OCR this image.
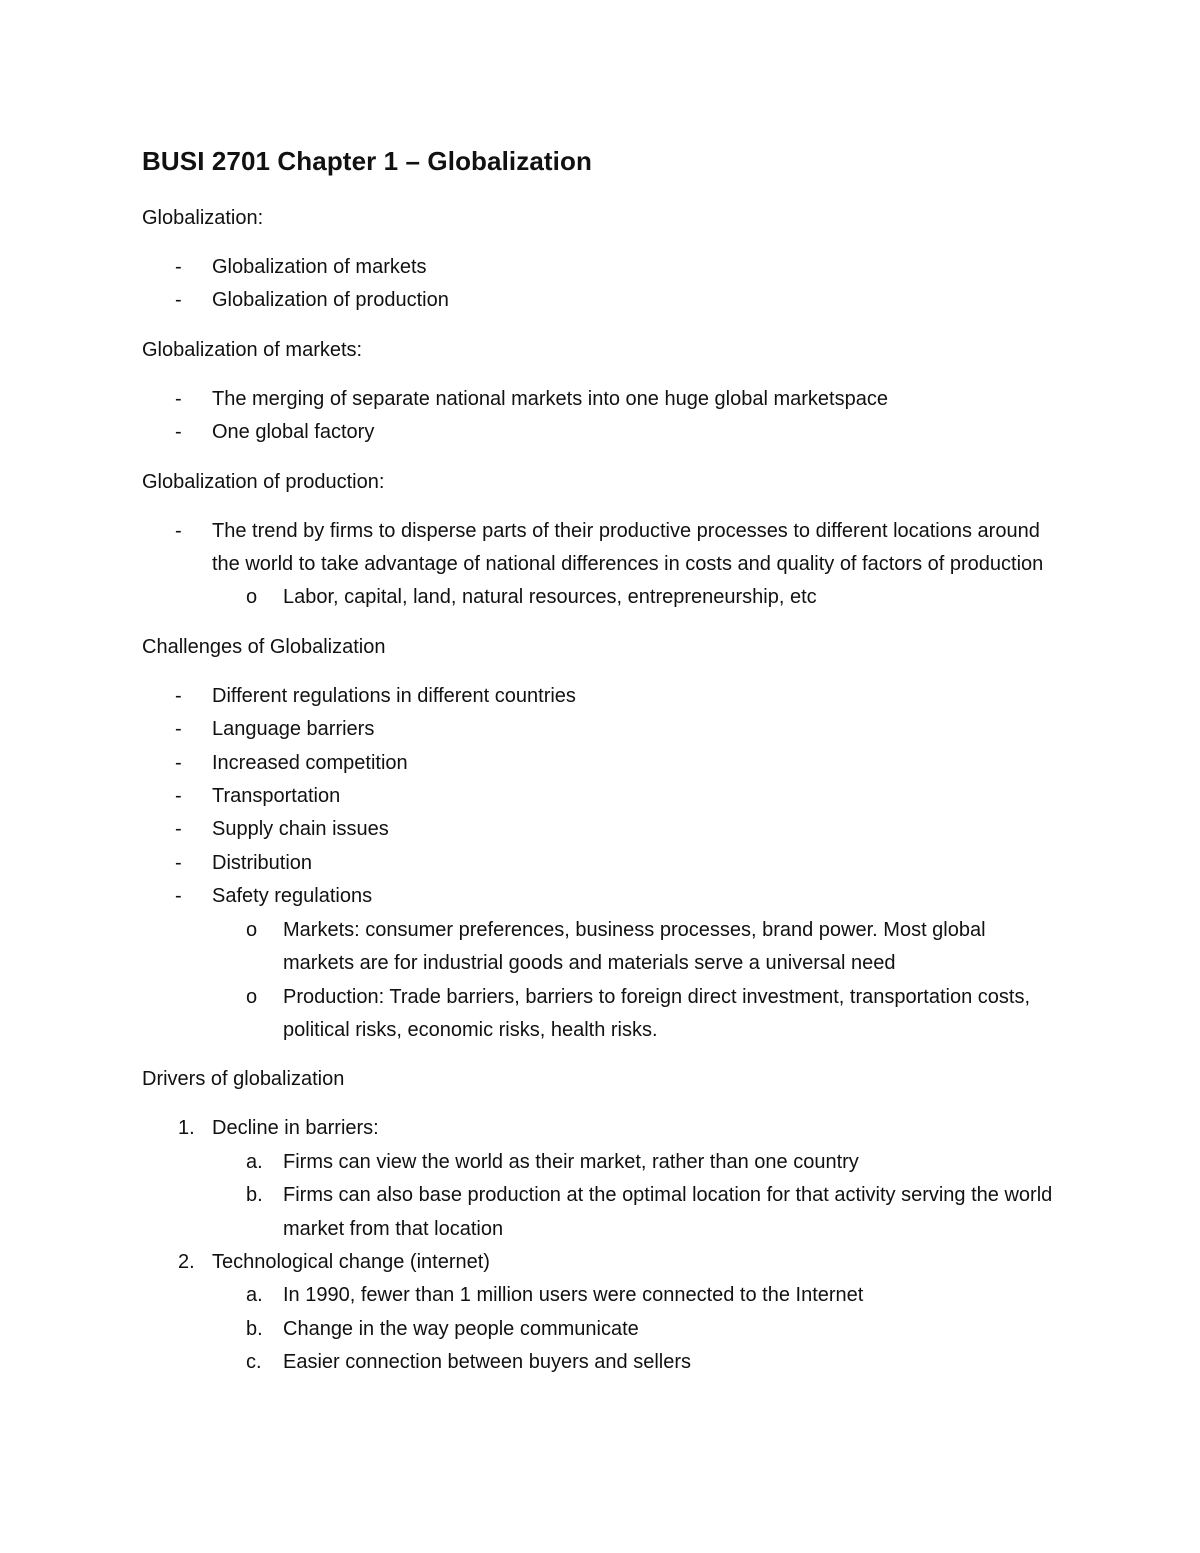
BUSI 2701 Chapter 1 – Globalization

Globalization:

- Globalization of markets
- Globalization of production

Globalization of markets:

- The merging of separate national markets into one huge global marketspace
- One global factory

Globalization of production:

- The trend by firms to disperse parts of their productive processes to different locations around the world to take advantage of national differences in costs and quality of factors of production
o Labor, capital, land, natural resources, entrepreneurship, etc

Challenges of Globalization

- Different regulations in different countries
- Language barriers
- Increased competition
- Transportation
- Supply chain issues
- Distribution
- Safety regulations
o Markets: consumer preferences, business processes, brand power. Most global markets are for industrial goods and materials serve a universal need
o Production: Trade barriers, barriers to foreign direct investment, transportation costs, political risks, economic risks, health risks.

Drivers of globalization

1. Decline in barriers:
a. Firms can view the world as their market, rather than one country
b. Firms can also base production at the optimal location for that activity serving the world market from that location
2. Technological change (internet)
a. In 1990, fewer than 1 million users were connected to the Internet
b. Change in the way people communicate
c. Easier connection between buyers and sellers
